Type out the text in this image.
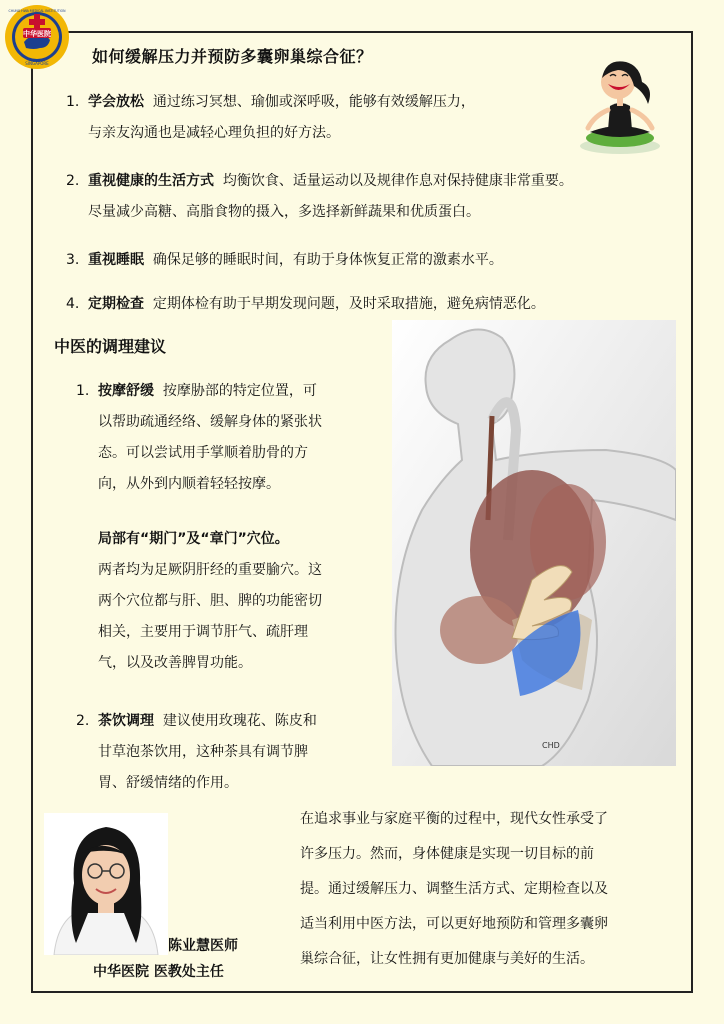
中华医院
SINGAPORE
CHUNG HWA MEDICAL INSTITUTION
如何缓解压力并预防多囊卵巢综合征？
1. 学会放松 通过练习冥想、瑜伽或深呼吸，能够有效缓解压力，
与亲友沟通也是减轻心理负担的好方法。
2. 重视健康的生活方式 均衡饮食、适量运动以及规律作息对保持健康非常重要。
尽量减少高糖、高脂食物的摄入，多选择新鲜蔬果和优质蛋白。
3. 重视睡眠 确保足够的睡眠时间，有助于身体恢复正常的激素水平。
4. 定期检查 定期体检有助于早期发现问题，及时采取措施，避免病情恶化。
中医的调理建议
CHD
1. 按摩舒缓 按摩胁部的特定位置，可
以帮助疏通经络、缓解身体的紧张状
态。可以尝试用手掌顺着肋骨的方
向，从外到内顺着轻轻按摩。
局部有“期门”及“章门”穴位。
两者均为足厥阴肝经的重要腧穴。这
两个穴位都与肝、胆、脾的功能密切
相关，主要用于调节肝气、疏肝理
气，以及改善脾胃功能。
2. 茶饮调理 建议使用玫瑰花、陈皮和
甘草泡茶饮用，这种茶具有调节脾
胃、舒缓情绪的作用。
陈业慧医师
中华医院 医教处主任
在追求事业与家庭平衡的过程中，现代女性承受了
许多压力。然而，身体健康是实现一切目标的前
提。通过缓解压力、调整生活方式、定期检查以及
适当利用中医方法，可以更好地预防和管理多囊卵
巢综合征，让女性拥有更加健康与美好的生活。
